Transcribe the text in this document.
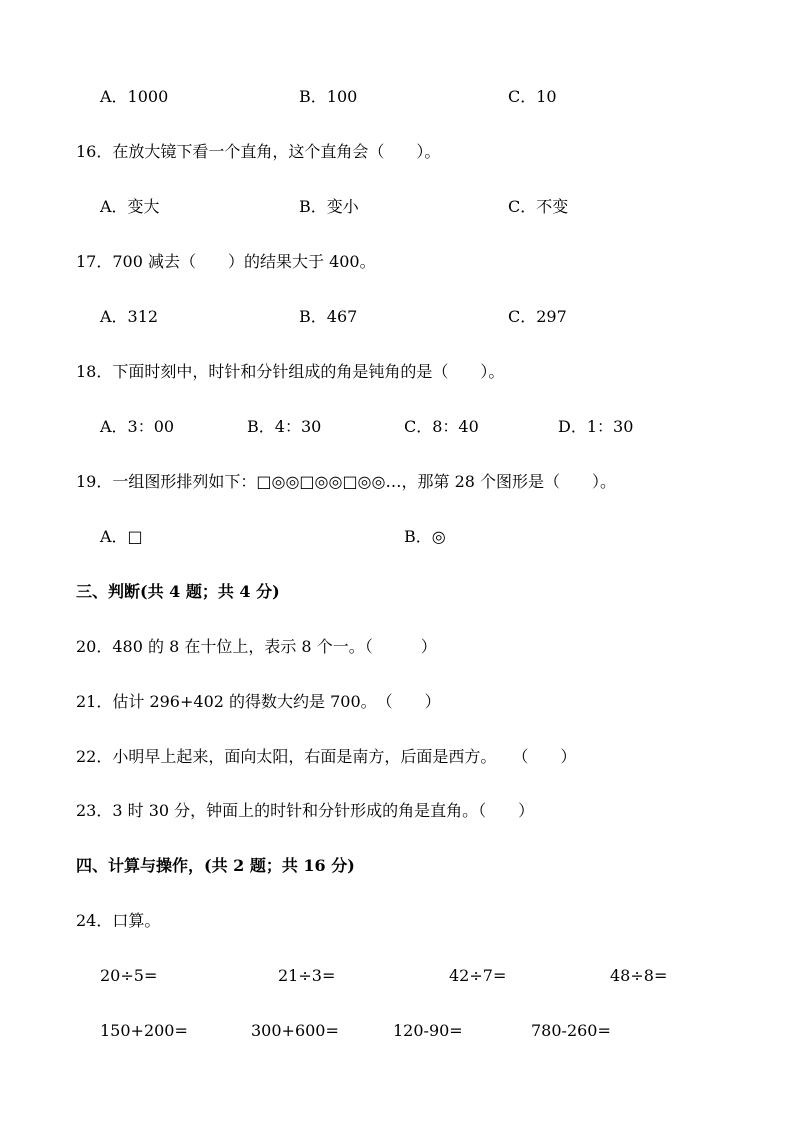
A．1000	B．100	C．10
16．在放大镜下看一个直角，这个直角会（　　）。
A．变大	B．变小	C．不变
17．700 减去（　　）的结果大于 400。
A．312	B．467	C．297
18．下面时刻中，时针和分针组成的角是钝角的是（　　）。
A．3：00	B．4：30	C．8：40	D．1：30
19．一组图形排列如下：□◎◎□◎◎□◎◎…，那第 28 个图形是（　　）。
A．□	B．◎
三、判断(共 4 题；共 4 分)
20．480 的 8 在十位上，表示 8 个一。（　　　）
21．估计 296+402 的得数大约是 700。　（　　）
22．小明早上起来，面向太阳，右面是南方，后面是西方。　　（　　）
23．3 时 30 分，钟面上的时针和分针形成的角是直角。（　　）
四、计算与操作，(共 2 题；共 16 分)
24．口算。
20÷5=	21÷3=	42÷7=	48÷8=
150+200=	300+600=	120-90=	780-260=
